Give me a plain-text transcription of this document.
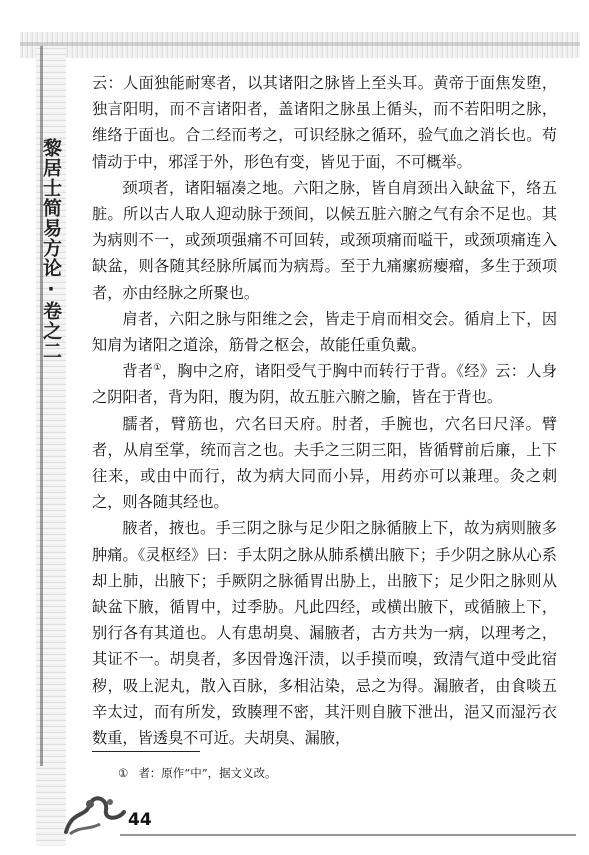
黎居士简易方论·卷之二

云：人面独能耐寒者，以其诸阳之脉皆上至头耳。黄帝于面焦发堕，独言阳明，而不言诸阳者，盖诸阳之脉虽上循头，而不若阳明之脉，维络于面也。合二经而考之，可识经脉之循环，验气血之消长也。苟情动于中，邪淫于外，形色有变，皆见于面，不可概举。

颈项者，诸阳辐凑之地。六阳之脉，皆自肩颈出入缺盆下，络五脏。所以古人取人迎动脉于颈间，以候五脏六腑之气有余不足也。其为病则不一，或颈项强痛不可回转，或颈项痛而嗌干，或颈项痛连入缺盆，则各随其经脉所属而为病焉。至于九痛瘰疬瘿瘤，多生于颈项者，亦由经脉之所聚也。

肩者，六阳之脉与阳维之会，皆走于肩而相交会。循肩上下，因知肩为诸阳之道涂，筋骨之枢会，故能任重负戴。

背者①，胸中之府，诸阳受气于胸中而转行于背。《经》云：人身之阴阳者，背为阳，腹为阴，故五脏六腑之腧，皆在于背也。

臑者，臂筋也，穴名曰天府。肘者，手腕也，穴名曰尺泽。臂者，从肩至掌，统而言之也。夫手之三阴三阳，皆循臂前后廉，上下往来，或由中而行，故为病大同而小异，用药亦可以兼理。灸之刺之，则各随其经也。

腋者，掖也。手三阴之脉与足少阳之脉循腋上下，故为病则腋多肿痛。《灵枢经》曰：手太阴之脉从肺系横出腋下；手少阴之脉从心系却上肺，出腋下；手厥阴之脉循胃出胁上，出腋下；足少阳之脉则从缺盆下腋，循胃中，过季胁。凡此四经，或横出腋下，或循腋上下，别行各有其道也。人有患胡臭、漏腋者，古方共为一病，以理考之，其证不一。胡臭者，多因骨逸汗渍，以手摸而嗅，致清气道中受此宿秽，吸上泥丸，散入百脉，多相沾染，忌之为得。漏腋者，由食啖五辛太过，而有所发，致腠理不密，其汗则自腋下泄出，浥又而湿污衣数重，皆透臭不可近。夫胡臭、漏腋，

① 者：原作“中”，据文义改。
44
